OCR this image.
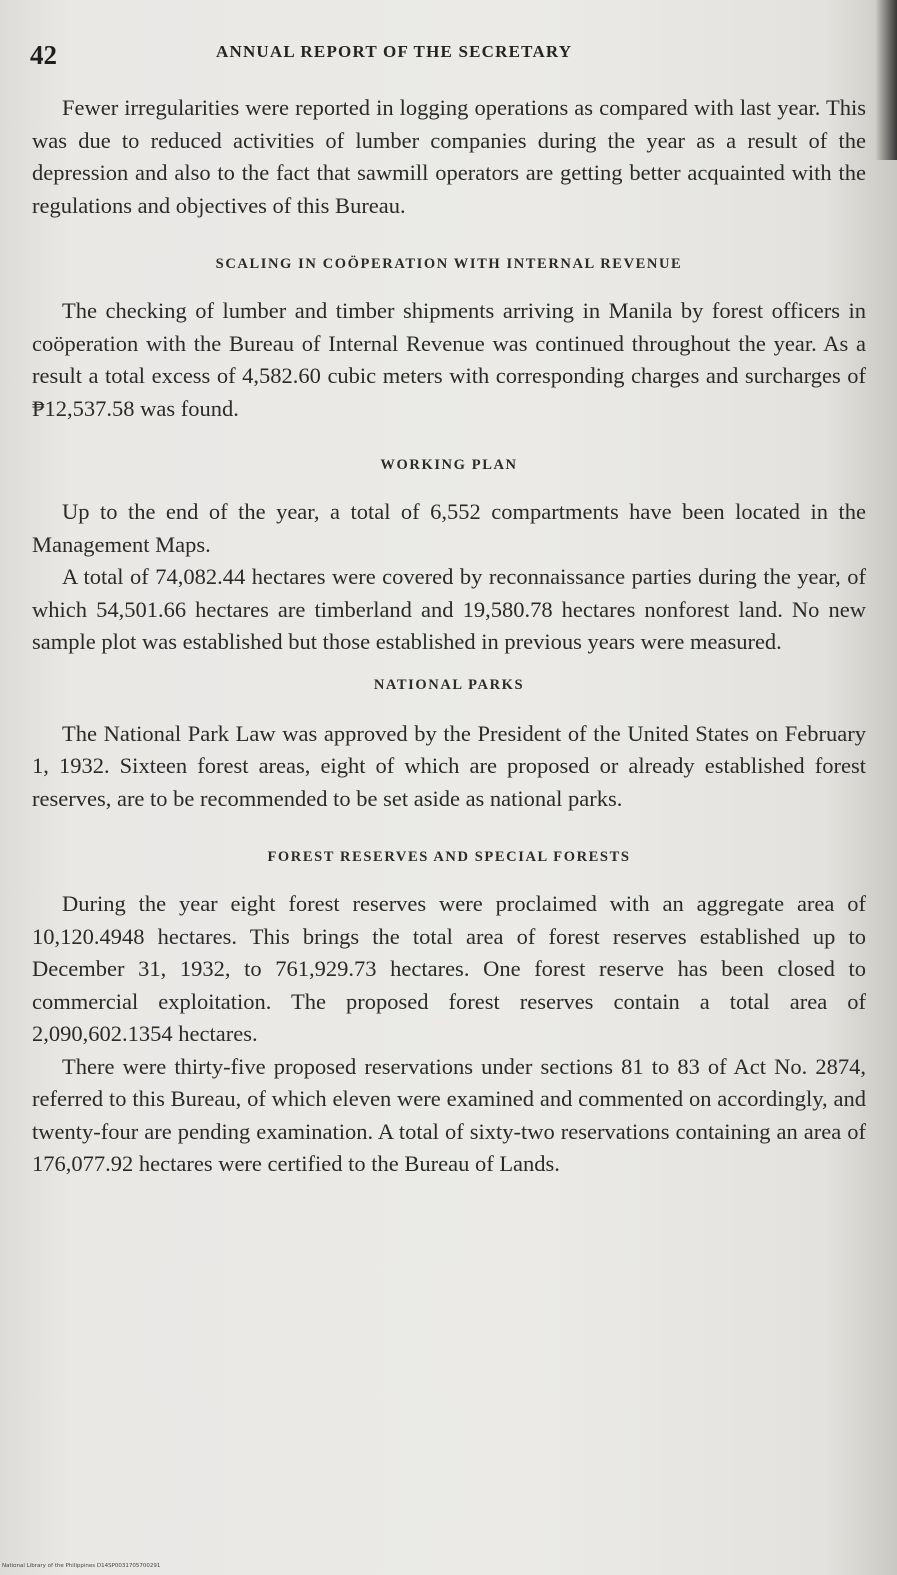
42	ANNUAL REPORT OF THE SECRETARY

Fewer irregularities were reported in logging operations as compared with last year. This was due to reduced activities of lumber companies during the year as a result of the depression and also to the fact that sawmill operators are getting better acquainted with the regulations and objectives of this Bureau.

SCALING IN COÖPERATION WITH INTERNAL REVENUE

The checking of lumber and timber shipments arriving in Manila by forest officers in coöperation with the Bureau of Internal Revenue was continued throughout the year. As a result a total excess of 4,582.60 cubic meters with corresponding charges and surcharges of ₱12,537.58 was found.

WORKING PLAN

Up to the end of the year, a total of 6,552 compartments have been located in the Management Maps.

A total of 74,082.44 hectares were covered by reconnaissance parties during the year, of which 54,501.66 hectares are timberland and 19,580.78 hectares nonforest land. No new sample plot was established but those established in previous years were measured.

NATIONAL PARKS

The National Park Law was approved by the President of the United States on February 1, 1932. Sixteen forest areas, eight of which are proposed or already established forest reserves, are to be recommended to be set aside as national parks.

FOREST RESERVES AND SPECIAL FORESTS

During the year eight forest reserves were proclaimed with an aggregate area of 10,120.4948 hectares. This brings the total area of forest reserves established up to December 31, 1932, to 761,929.73 hectares. One forest reserve has been closed to commercial exploitation. The proposed forest reserves contain a total area of 2,090,602.1354 hectares.

There were thirty-five proposed reservations under sections 81 to 83 of Act No. 2874, referred to this Bureau, of which eleven were examined and commented on accordingly, and twenty-four are pending examination. A total of sixty-two reservations containing an area of 176,077.92 hectares were certified to the Bureau of Lands.

National Library of the Philippines D14SP0031705700291
